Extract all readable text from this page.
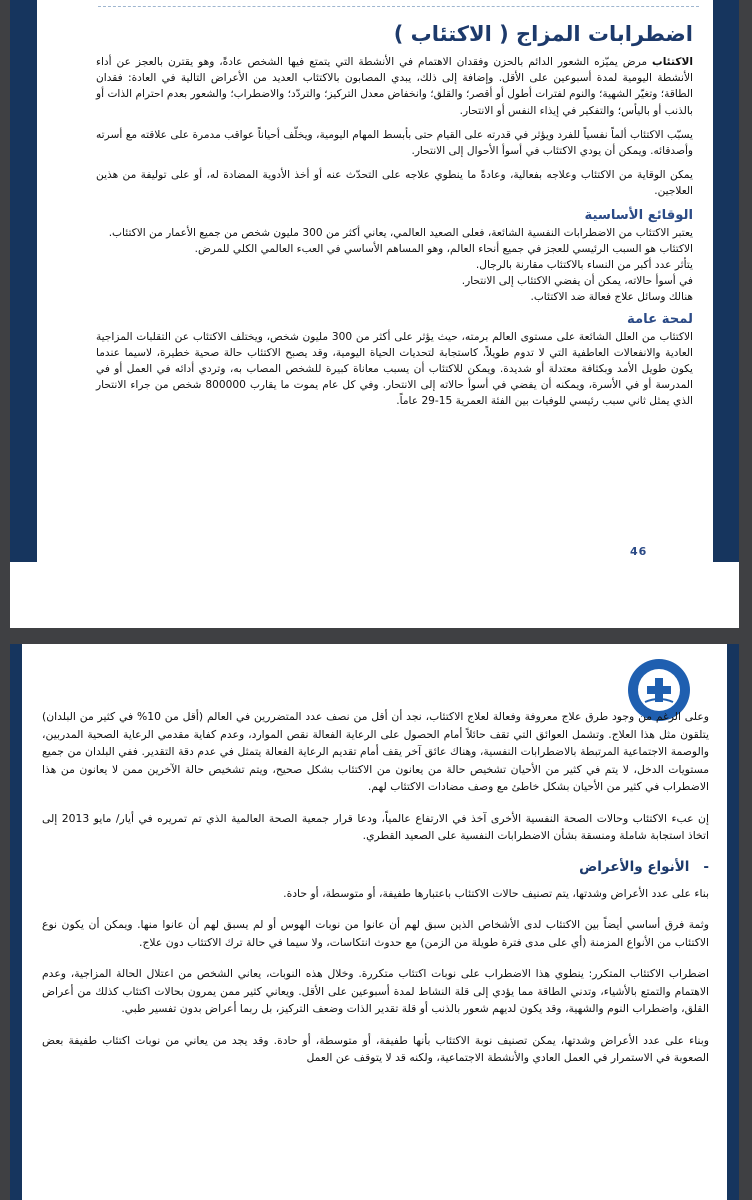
اضطرابات المزاج ( الاكتئاب )

الاكتئاب مرض يميّزه الشعور الدائم بالحزن وفقدان الاهتمام في الأنشطة التي يتمتع فيها الشخص عادةً، وهو يقترن بالعجز عن أداء الأنشطة اليومية لمدة أسبوعين على الأقل. وإضافة إلى ذلك، يبدي المصابون بالاكتئاب العديد من الأعراض التالية في العادة: فقدان الطاقة؛ وتغيّر الشهية؛ والنوم لفترات أطول أو أقصر؛ والقلق؛ وانخفاض معدل التركيز؛ والتردّد؛ والاضطراب؛ والشعور بعدم احترام الذات أو بالذنب أو باليأس؛ والتفكير في إيذاء النفس أو الانتحار.

يسبّب الاكتئاب ألماً نفسياً للفرد ويؤثر في قدرته على القيام حتى بأبسط المهام اليومية، ويخلّف أحياناً عواقب مدمرة على علاقته مع أسرته وأصدقائه. ويمكن أن يودي الاكتئاب في أسوأ الأحوال إلى الانتحار.

يمكن الوقاية من الاكتئاب وعلاجه بفعالية، وعادةً ما ينطوي علاجه على التحدّث عنه أو أخذ الأدوية المضادة له، أو على توليفة من هذين العلاجين.

الوقائع الأساسية

يعتبر الاكتئاب من الاضطرابات النفسية الشائعة، فعلى الصعيد العالمي، يعاني أكثر من 300 مليون شخص من جميع الأعمار من الاكتئاب.

الاكتئاب هو السبب الرئيسي للعجز في جميع أنحاء العالم، وهو المساهم الأساسي في العبء العالمي الكلي للمرض.

يتأثر عدد أكبر من النساء بالاكتئاب مقارنة بالرجال.

في أسوأ حالاته، يمكن أن يفضي الاكتئاب إلى الانتحار.

هنالك وسائل علاج فعالة ضد الاكتئاب.

لمحة عامة

الاكتئاب من العلل الشائعة على مستوى العالم برمته، حيث يؤثر على أكثر من 300 مليون شخص، ويختلف الاكتئاب عن التقلبات المزاجية العادية والانفعالات العاطفية التي لا تدوم طويلاً، كاستجابة لتحديات الحياة اليومية، وقد يصبح الاكتئاب حالة صحية خطيرة، لاسيما عندما يكون طويل الأمد وبكثافة معتدلة أو شديدة. ويمكن للاكتئاب أن يسبب معاناة كبيرة للشخص المصاب به، وتردي أدائه في العمل أو في المدرسة أو في الأسرة، ويمكنه أن يفضي في أسوأ حالاته إلى الانتحار. وفي كل عام يموت ما يقارب 800000 شخص من جراء الانتحار الذي يمثل ثاني سبب رئيسي للوفيات بين الفئة العمرية 15-29 عاماً.

46

وعلى الرغم من وجود طرق علاج معروفة وفعالة لعلاج الاكتئاب، نجد أن أقل من نصف عدد المتضررين في العالم (أقل من 10% في كثير من البلدان) يتلقون مثل هذا العلاج. وتشمل العوائق التي تقف حائلاً أمام الحصول على الرعاية الفعالة نقص الموارد، وعدم كفاية مقدمي الرعاية الصحية المدربين، والوصمة الاجتماعية المرتبطة بالاضطرابات النفسية، وهناك عائق آخر يقف أمام تقديم الرعاية الفعالة يتمثل في عدم دقة التقدير. ففي البلدان من جميع مستويات الدخل، لا يتم في كثير من الأحيان تشخيص حالة من يعانون من الاكتئاب بشكل صحيح، ويتم تشخيص حالة الآخرين ممن لا يعانون من هذا الاضطراب في كثير من الأحيان بشكل خاطئ مع وصف مضادات الاكتئاب لهم.

إن عبء الاكتئاب وحالات الصحة النفسية الأخرى آخذ في الارتفاع عالمياً، ودعا قرار جمعية الصحة العالمية الذي تم تمريره في أيار/ مايو 2013 إلى اتخاذ استجابة شاملة ومنسقة بشأن الاضطرابات النفسية على الصعيد القطري.

-الأنواع والأعراض

بناء على عدد الأعراض وشدتها، يتم تصنيف حالات الاكتئاب باعتبارها طفيفة، أو متوسطة، أو حادة.

وثمة فرق أساسي أيضاً بين الاكتئاب لدى الأشخاص الذين سبق لهم أن عانوا من نوبات الهوس أو لم يسبق لهم أن عانوا منها. ويمكن أن يكون نوع الاكتئاب من الأنواع المزمنة (أي على مدى فترة طويلة من الزمن) مع حدوث انتكاسات، ولا سيما في حالة ترك الاكتئاب دون علاج.

اضطراب الاكتئاب المتكرر: ينطوي هذا الاضطراب على نوبات اكتئاب متكررة. وخلال هذه النوبات، يعاني الشخص من اعتلال الحالة المزاجية، وعدم الاهتمام والتمتع بالأشياء، وتدني الطاقة مما يؤدي إلى قلة النشاط لمدة أسبوعين على الأقل. ويعاني كثير ممن يمرون بحالات اكتئاب كذلك من أعراض القلق، واضطراب النوم والشهية، وقد يكون لديهم شعور بالذنب أو قلة تقدير الذات وضعف التركيز، بل ربما أعراض بدون تفسير طبي.

وبناء على عدد الأعراض وشدتها، يمكن تصنيف نوبة الاكتئاب بأنها طفيفة، أو متوسطة، أو حادة. وقد يجد من يعاني من نوبات اكتئاب طفيفة بعض الصعوبة في الاستمرار في العمل العادي والأنشطة الاجتماعية، ولكنه قد لا يتوقف عن العمل
